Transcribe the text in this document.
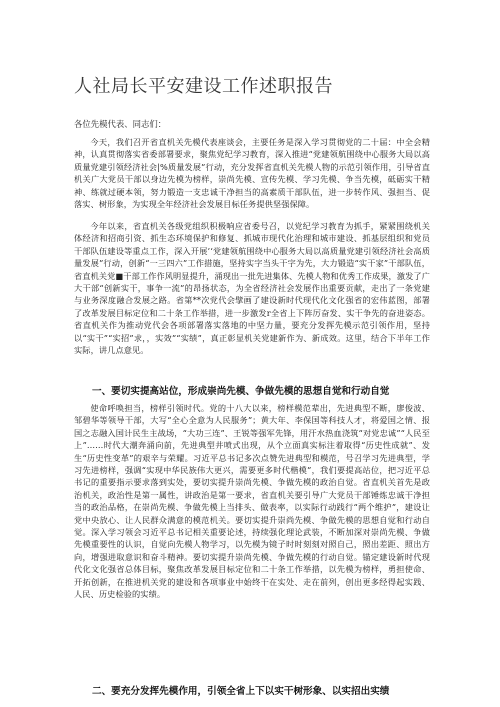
人社局长平安建设工作述职报告
各位先模代表、同志们：

今天，我们召开省直机关先模代表座谈会，主要任务是深入学习贯彻党的二十届：中全会精神，认真贯彻落实省委部署要求，聚焦党纪学习教育，深入推进“党建领航围绕中心服务大局以高质量党建引领经济社会|%质量发展”行动，充分发挥省直机关先模人物的示范引领作用，引导省直机关广大党员干部以身边先模为榜样，崇尚先模、宣传先模、学习先模、争当先模，砥砺实干精神、练就过硬本领，努力锻造一支忠诚干净担当的高素质干部队伍，进一步转作风、强担当、促落实、树形象，为实现全年经济社会发展目标任务提供坚强保障。

今年以来，省直机关各级党组织积极响应省委号召，以党纪学习教育为抓手，紧紧围绕机关体经济和招商引资、抓生态环境保护和修复、抓城市现代化治理和城市建设、抓基层组织和党员干部队伍建设等重点工作，深入开展’‘党建领航围绕中心服务大局以高质量党建引领经济社会高质量发展”行动，创新“一三四六”工作措施，坚持实字当头干字为先，大力锻造“实干家”干部队伍，省直机关党■干部工作作风明显提升，涌现出一批先进集体、先模人物和优秀工作成果，激发了广大干部“创新实干，事争一流”的昂扬状态，为全省经济社会发展作出重要贡献，走出了一条党建与业务深度融合发展之路。省第**次党代会擘画了建设新时代现代化文化强省的宏伟蓝图，部署了改革发展目标定位和二十条工作举措，进一步激发r全省上下阵厉奋发、实干争先的奋进姿态。省直机关作为推动党代会各项部署落实落地的中坚力量，要充分发挥先模示范引领作用，坚持以“实干”“实招”求，，实效”“实绩”，真正彰显机关党建新作为、新成效。这里，结合下半年工作实际，讲几点意见。

一、要切实提高站位，形成崇尚先模、争做先模的思想自觉和行动自觉

使命呼唤担当，榜样引领时代。党的十八大以来，榜样模范辈出，先进典型不断，廖俊波、邹碧华等领导干部，大写“全心全意为人民服务”；黄大年、李保国等科技人才，将爱国之情、报国之志融入国计民生主战场，“大功三连”、王锐等强军先锋，用汗水热血浇筑“对党忠诚”“人民至上”……时代大潮奔涌向前，先进典型井喷式出现，从个立面真实标注着取得“历史性成就”、发生“历史性变革”的艰辛与荣耀。习近平总书记多次点赞先进典型和模范，号召学习先进典型，学习先进榜样，强调“实现中华民族伟大更兴，需要更多时代楷模”，我们要提高站位，把习近平总书记的重要指示要求落到实处，要切实提升崇尚先模、争做先模的政治自觉。省直机关首先是政治机关，政治性是第一属性，讲政治是第一要求，省直机关要引导广大党员干部锤炼忠诚干净担当的政治品格，在崇尚先模、争做先模上当排头、做表率，以实际行动践行“两个维护”，建设让党中央放心、让人民群众满意的模范机关。要切实提升崇尚先模、争做先模的思想自觉和行动自觉。深入学习领会习近平总书记相关重要论述，持续强化理论武装，不断加深对崇尚先模、争做先模重要性的认识，自觉向先模人物学习，以先模为镜子时时刻刻对照自己，照出差距、照出方向，增强进取意识和奋斗精神。要切实提升崇尚先模、争做先模的行动自觉。锚定建设新时代现代化文化强省总体目标，聚焦改革发展目标定位和二十条工作举措，以先模为榜样，勇担使命、开拓创新，在推进机关党的建设和各项事业中始终干在实处、走在前列，创出更多经得起实践、人民、历史检验的实绩。

二、要充分发挥先模作用，引领全省上下以实干树形象、以实招出实绩
